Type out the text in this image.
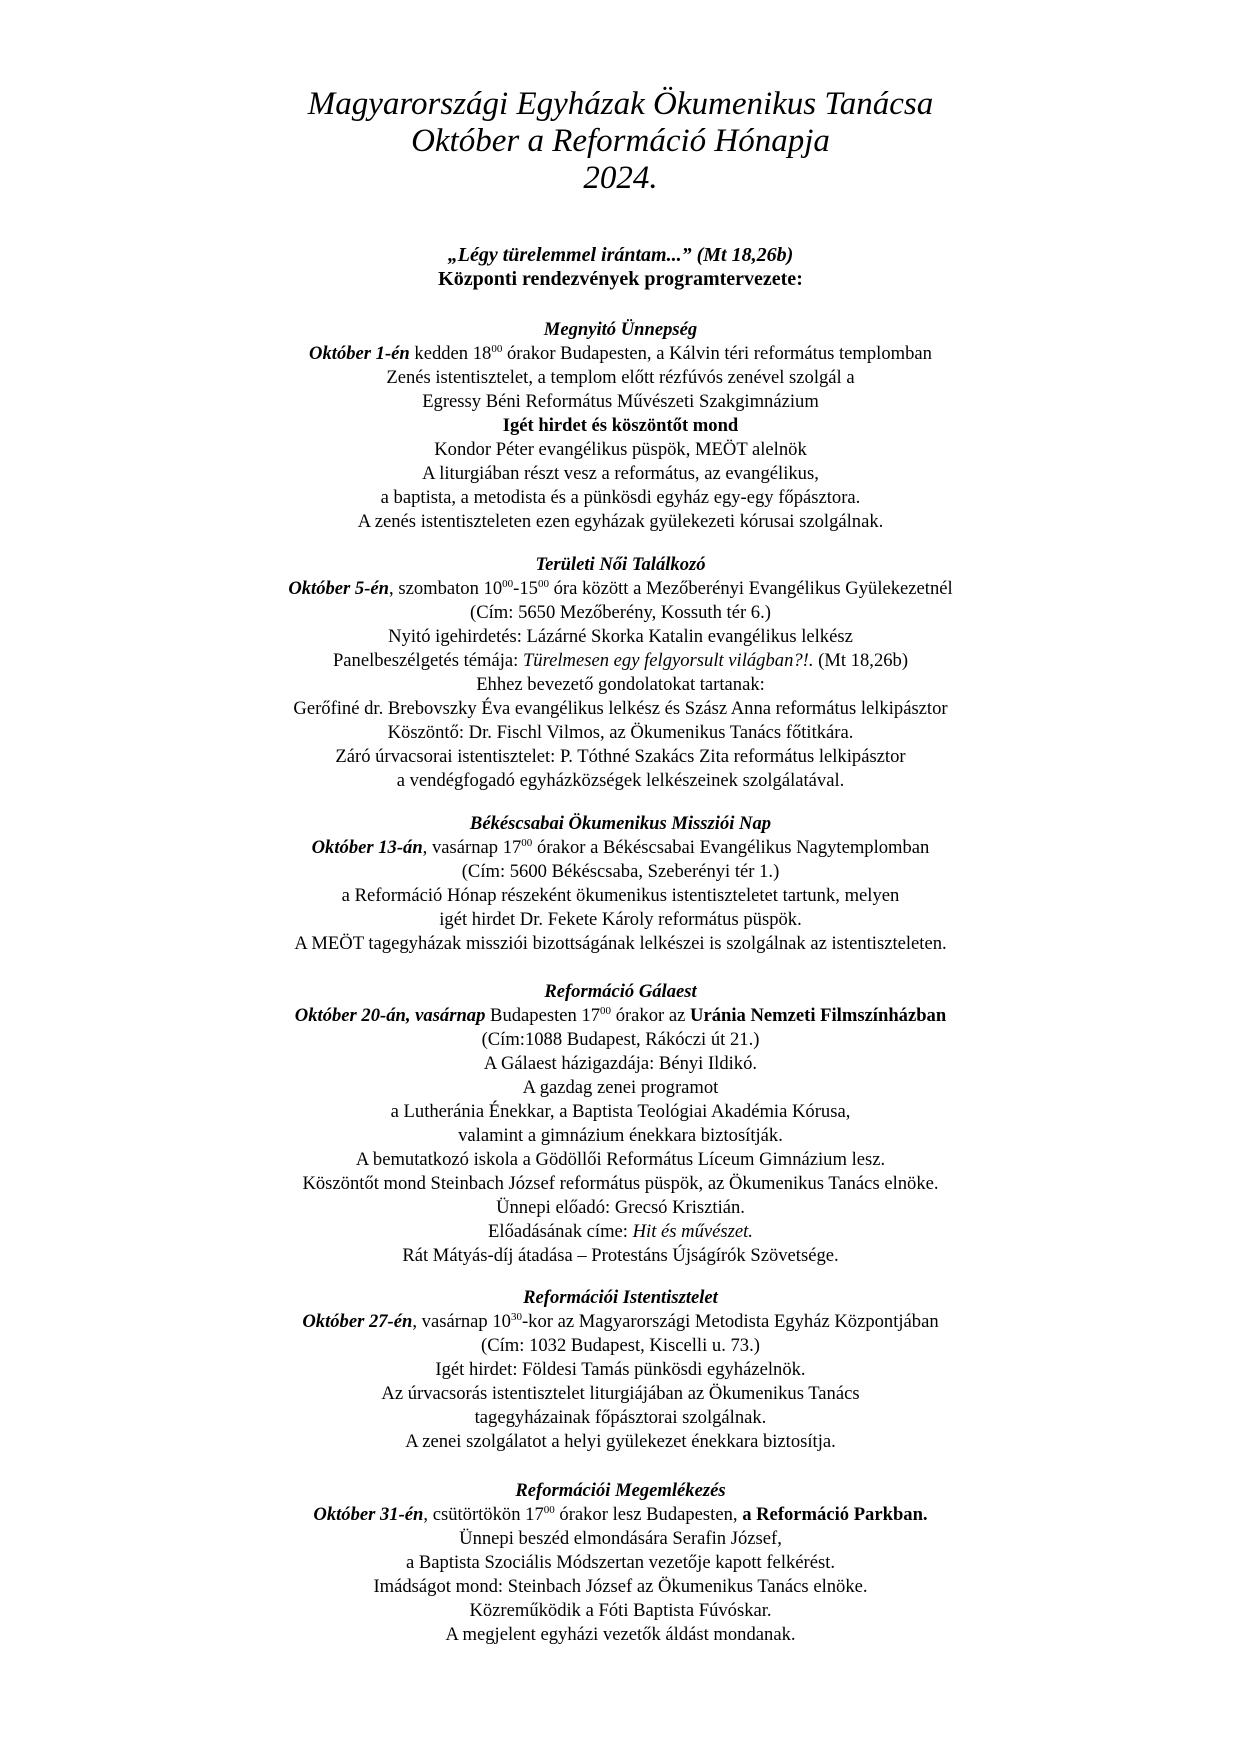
Magyarországi Egyházak Ökumenikus Tanácsa
Október a Reformáció Hónapja
2024.
„Légy türelemmel irántam...” (Mt 18,26b)
Központi rendezvények programtervezete:
Megnyitó Ünnepség
Október 1-én kedden $18^{00}$ órakor Budapesten, a Kálvin téri református templomban
Zenés istentisztelet, a templom előtt rézfúvós zenével szolgál a
Egressy Béni Református Művészeti Szakgimnázium
Igét hirdet és köszöntőt mond
Kondor Péter evangélikus püspök, MEÖT alelnök
A liturgiában részt vesz a református, az evangélikus,
a baptista, a metodista és a pünkösdi egyház egy-egy főpásztora.
A zenés istentiszteleten ezen egyházak gyülekezeti kórusai szolgálnak.
Területi Női Találkozó
Október 5-én, szombaton $10^{00}-15^{00}$ óra között a Mezőberényi Evangélikus Gyülekezetnél
(Cím: 5650 Mezőberény, Kossuth tér 6.)
Nyitó igehirdetés: Lázárné Skorka Katalin evangélikus lelkész
Panelbeszélgetés témája: Türelmesen egy felgyorsult világban?!. (Mt 18,26b)
Ehhez bevezető gondolatokat tartanak:
Gerőfiné dr. Brebovszky Éva evangélikus lelkész és Szász Anna református lelkipásztor
Köszöntő: Dr. Fischl Vilmos, az Ökumenikus Tanács főtitkára.
Záró úrvacsorai istentisztelet: P. Tóthné Szakács Zita református lelkipásztor
a vendégfogadó egyházközségek lelkészeinek szolgálatával.
Békéscsabai Ökumenikus Missziói Nap
Október 13-án, vasárnap $17^{00}$ órakor a Békéscsabai Evangélikus Nagytemplomban
(Cím: 5600 Békéscsaba, Szeberényi tér 1.)
a Reformáció Hónap részeként ökumenikus istentiszteletet tartunk, melyen
igét hirdet Dr. Fekete Károly református püspök.
A MEÖT tagegyházak missziói bizottságának lelkészei is szolgálnak az istentiszteleten.
Reformáció Gálaest
Október 20-án, vasárnap Budapesten $17^{00}$ órakor az Uránia Nemzeti Filmszínházban
(Cím:1088 Budapest, Rákóczi út 21.)
A Gálaest házigazdája: Bényi Ildikó.
A gazdag zenei programot
a Lutheránia Énekkar, a Baptista Teológiai Akadémia Kórusa,
valamint a gimnázium énekkara biztosítják.
A bemutatkozó iskola a Gödöllői Református Líceum Gimnázium lesz.
Köszöntőt mond Steinbach József református püspök, az Ökumenikus Tanács elnöke.
Ünnepi előadó: Grecsó Krisztián.
Előadásának címe: Hit és művészet.
Rát Mátyás-díj átadása – Protestáns Újságírók Szövetsége.
Reformációi Istentisztelet
Október 27-én, vasárnap $10^{30}$-kor az Magyarországi Metodista Egyház Központjában
(Cím: 1032 Budapest, Kiscelli u. 73.)
Igét hirdet: Földesi Tamás pünkösdi egyházelnök.
Az úrvacsorás istentisztelet liturgiájában az Ökumenikus Tanács
tagegyházainak főpásztorai szolgálnak.
A zenei szolgálatot a helyi gyülekezet énekkara biztosítja.
Reformációi Megemlékezés
Október 31-én, csütörtökön $17^{00}$ órakor lesz Budapesten, a Reformáció Parkban.
Ünnepi beszéd elmondására Serafin József,
a Baptista Szociális Módszertan vezetője kapott felkérést.
Imádságot mond: Steinbach József az Ökumenikus Tanács elnöke.
Közreműködik a Fóti Baptista Fúvóskar.
A megjelent egyházi vezetők áldást mondanak.
